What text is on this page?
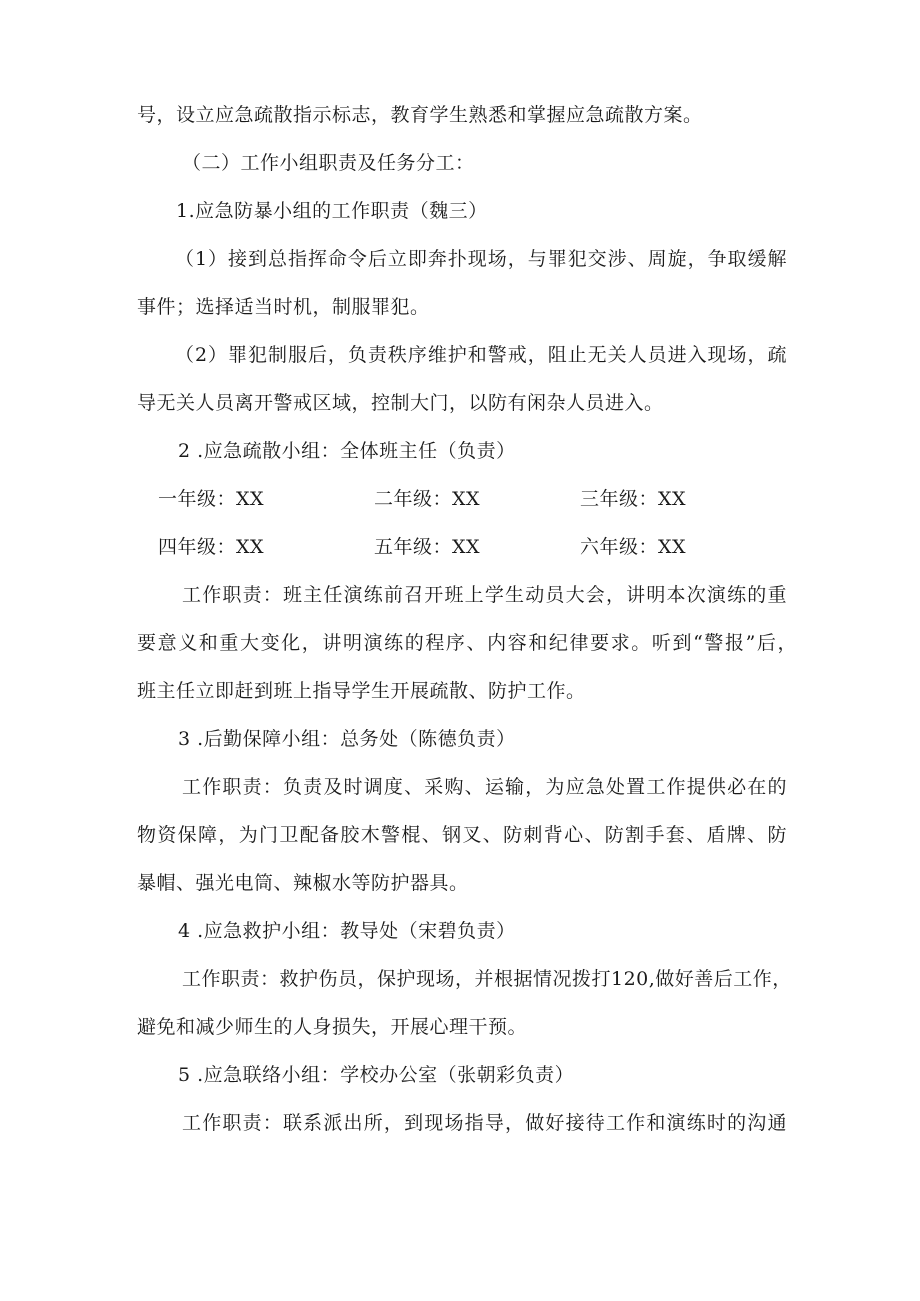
号，设立应急疏散指示标志，教育学生熟悉和掌握应急疏散方案。
（二）工作小组职责及任务分工：
1.应急防暴小组的工作职责（魏三）
（1）接到总指挥命令后立即奔扑现场，与罪犯交涉、周旋，争取缓解
事件；选择适当时机，制服罪犯。
（2）罪犯制服后，负责秩序维护和警戒，阻止无关人员进入现场，疏
导无关人员离开警戒区域，控制大门，以防有闲杂人员进入。
2 .应急疏散小组：全体班主任（负责）
一年级：XX	二年级：XX	三年级：XX
四年级：XX	五年级：XX	六年级：XX
工作职责：班主任演练前召开班上学生动员大会，讲明本次演练的重
要意义和重大变化，讲明演练的程序、内容和纪律要求。听到“警报”后，
班主任立即赶到班上指导学生开展疏散、防护工作。
3 .后勤保障小组：总务处（陈德负责）
工作职责：负责及时调度、采购、运输，为应急处置工作提供必在的
物资保障，为门卫配备胶木警棍、钢叉、防刺背心、防割手套、盾牌、防
暴帽、强光电筒、辣椒水等防护器具。
4 .应急救护小组：教导处（宋碧负责）
工作职责：救护伤员，保护现场，并根据情况拨打120,做好善后工作，
避免和减少师生的人身损失，开展心理干预。
5 .应急联络小组：学校办公室（张朝彩负责）
工作职责：联系派出所，到现场指导，做好接待工作和演练时的沟通
